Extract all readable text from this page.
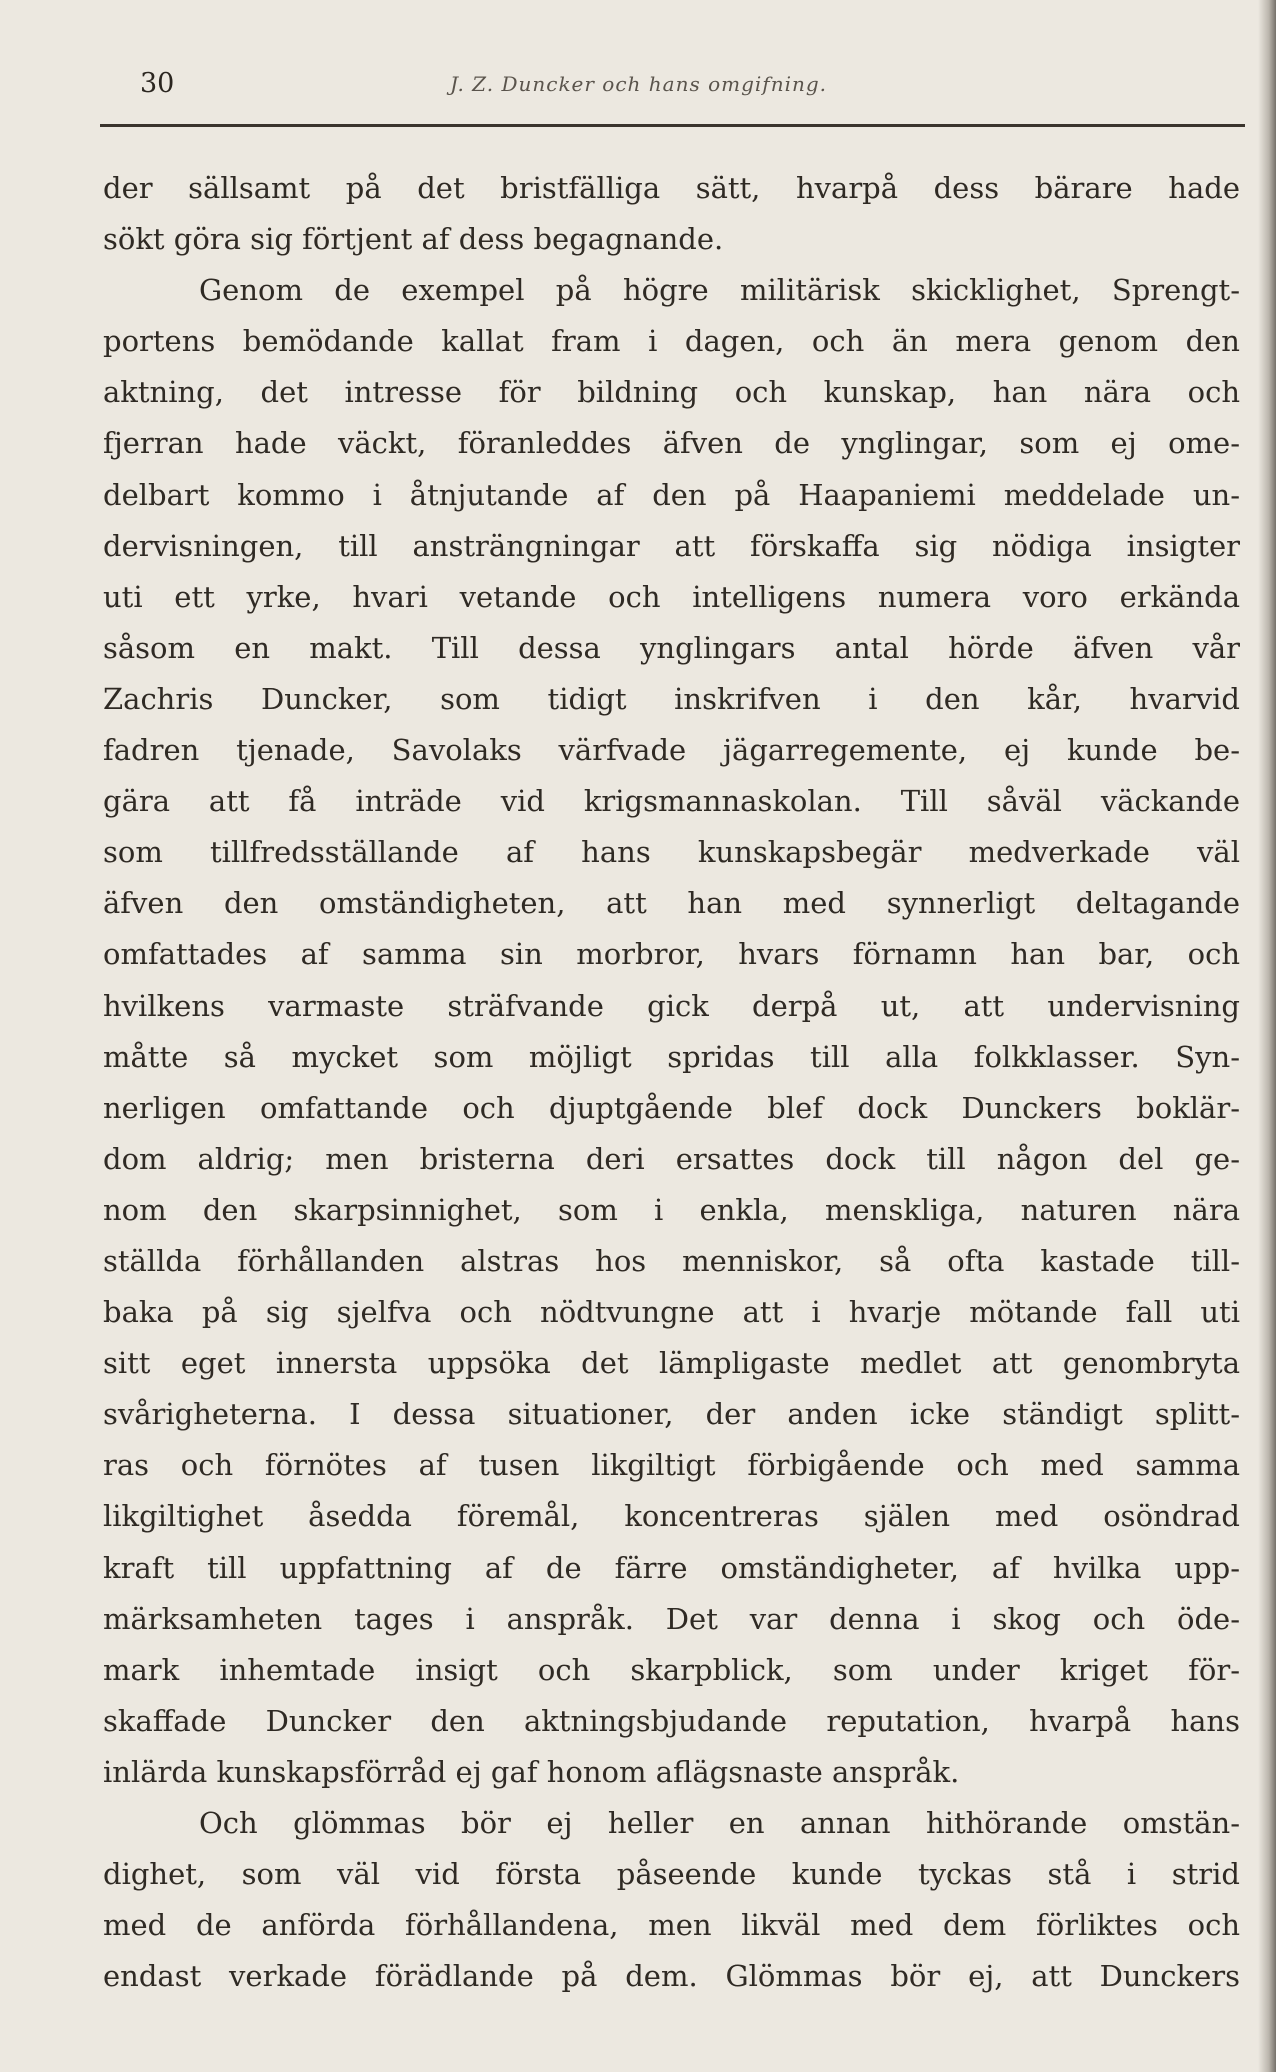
30	J. Z. Duncker och hans omgifning.
der sällsamt på det bristfälliga sätt, hvarpå dess bärare hade
sökt göra sig förtjent af dess begagnande.
Genom de exempel på högre militärisk skicklighet, Sprengt-
portens bemödande kallat fram i dagen, och än mera genom den
aktning, det intresse för bildning och kunskap, han nära och
fjerran hade väckt, föranleddes äfven de ynglingar, som ej ome-
delbart kommo i åtnjutande af den på Haapaniemi meddelade un-
dervisningen, till ansträngningar att förskaffa sig nödiga insigter
uti ett yrke, hvari vetande och intelligens numera voro erkända
såsom en makt. Till dessa ynglingars antal hörde äfven vår
Zachris Duncker, som tidigt inskrifven i den kår, hvarvid
fadren tjenade, Savolaks värfvade jägarregemente, ej kunde be-
gära att få inträde vid krigsmannaskolan. Till såväl väckande
som tillfredsställande af hans kunskapsbegär medverkade väl
äfven den omständigheten, att han med synnerligt deltagande
omfattades af samma sin morbror, hvars förnamn han bar, och
hvilkens varmaste sträfvande gick derpå ut, att undervisning
måtte så mycket som möjligt spridas till alla folkklasser. Syn-
nerligen omfattande och djuptgående blef dock Dunckers boklär-
dom aldrig; men bristerna deri ersattes dock till någon del ge-
nom den skarpsinnighet, som i enkla, menskliga, naturen nära
ställda förhållanden alstras hos menniskor, så ofta kastade till-
baka på sig sjelfva och nödtvungne att i hvarje mötande fall uti
sitt eget innersta uppsöka det lämpligaste medlet att genombryta
svårigheterna. I dessa situationer, der anden icke ständigt splitt-
ras och förnötes af tusen likgiltigt förbigående och med samma
likgiltighet åsedda föremål, koncentreras själen med osöndrad
kraft till uppfattning af de färre omständigheter, af hvilka upp-
märksamheten tages i anspråk. Det var denna i skog och öde-
mark inhemtade insigt och skarpblick, som under kriget för-
skaffade Duncker den aktningsbjudande reputation, hvarpå hans
inlärda kunskapsförråd ej gaf honom aflägsnaste anspråk.
Och glömmas bör ej heller en annan hithörande omstän-
dighet, som väl vid första påseende kunde tyckas stå i strid
med de anförda förhållandena, men likväl med dem förliktes och
endast verkade förädlande på dem. Glömmas bör ej, att Dunckers
